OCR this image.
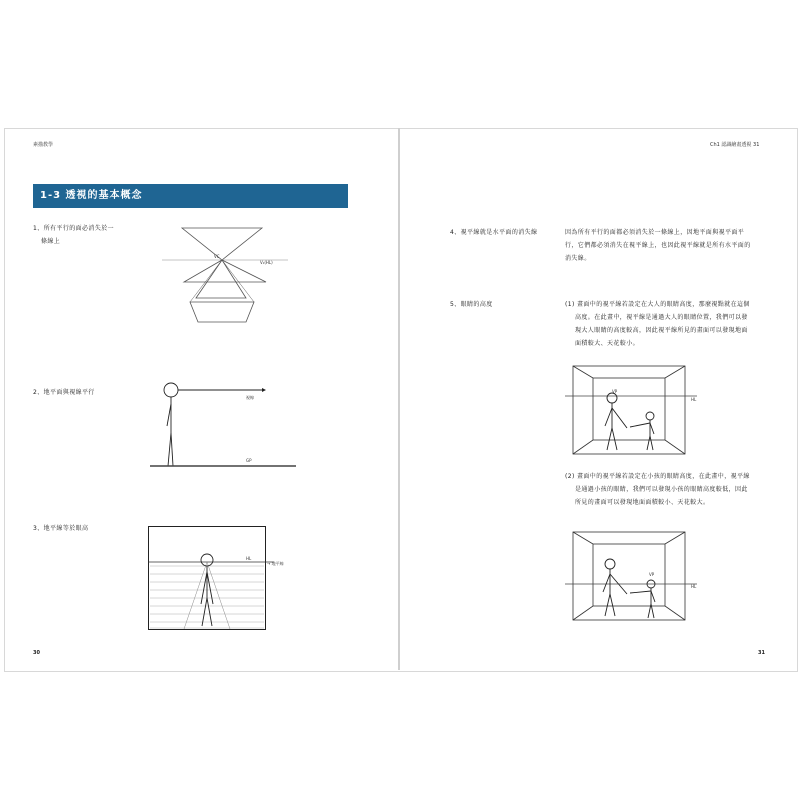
素描教學
1-3 透視的基本概念
1、所有平行的面必消失於一
條線上
VC
V₁(HL)
2、地平面與視線平行
視線
GP
3、地平線等於眼高
HL
→ 地平線
30
Ch1 認識繪畫透視 31
4、視平線就是水平面的消失線	因為所有平行的面都必須消失於一條線上，因地平面與視平面平
行，它們都必須消失在視平線上，也因此視平線就是所有水平面的
消失線。
5、眼睛的高度	(1) 畫面中的視平線若設定在大人的眼睛高度，那麼視點就在這個
高度。在此畫中，視平線是通過大人的眼睛位置，我們可以發
現大人眼睛的高度較高，因此視平線所見的畫面可以發現地面
面積較大、天花較小。
VP
HL
(2) 畫面中的視平線若設定在小孩的眼睛高度，在此畫中，視平線
是通過小孩的眼睛，我們可以發現小孩的眼睛高度較低，因此
所見的畫面可以發現地面面積較小、天花較大。
VP
HL
31
